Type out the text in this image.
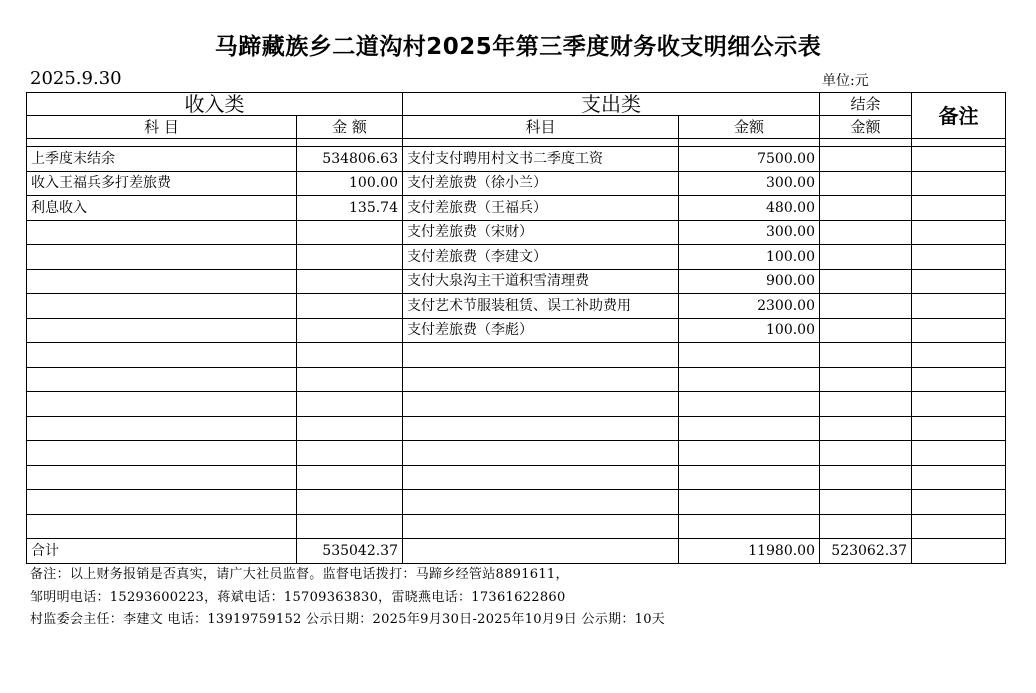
马蹄藏族乡二道沟村2025年第三季度财务收支明细公示表
2025.9.30	单位:元
收入类		支出类		结余	备注
科 目	金 额	科目	金额	金额	

上季度末结余	534806.63	支付支付聘用村文书二季度工资	7500.00		
收入王福兵多打差旅费	100.00	支付差旅费（徐小兰）	300.00		
利息收入	135.74	支付差旅费（王福兵）	480.00		
		支付差旅费（宋财）	300.00		
		支付差旅费（李建文）	100.00		
		支付大泉沟主干道积雪清理费	900.00		
		支付艺术节服装租赁、误工补助费用	2300.00		
		支付差旅费（李彪）	100.00		

合计	535042.37		11980.00	523062.37	
备注：以上财务报销是否真实，请广大社员监督。监督电话拨打：马蹄乡经管站8891611，
邹明明电话：15293600223，蒋斌电话：15709363830，雷晓燕电话：17361622860
村监委会主任：李建文 电话：13919759152 公示日期：2025年9月30日-2025年10月9日 公示期：10天
